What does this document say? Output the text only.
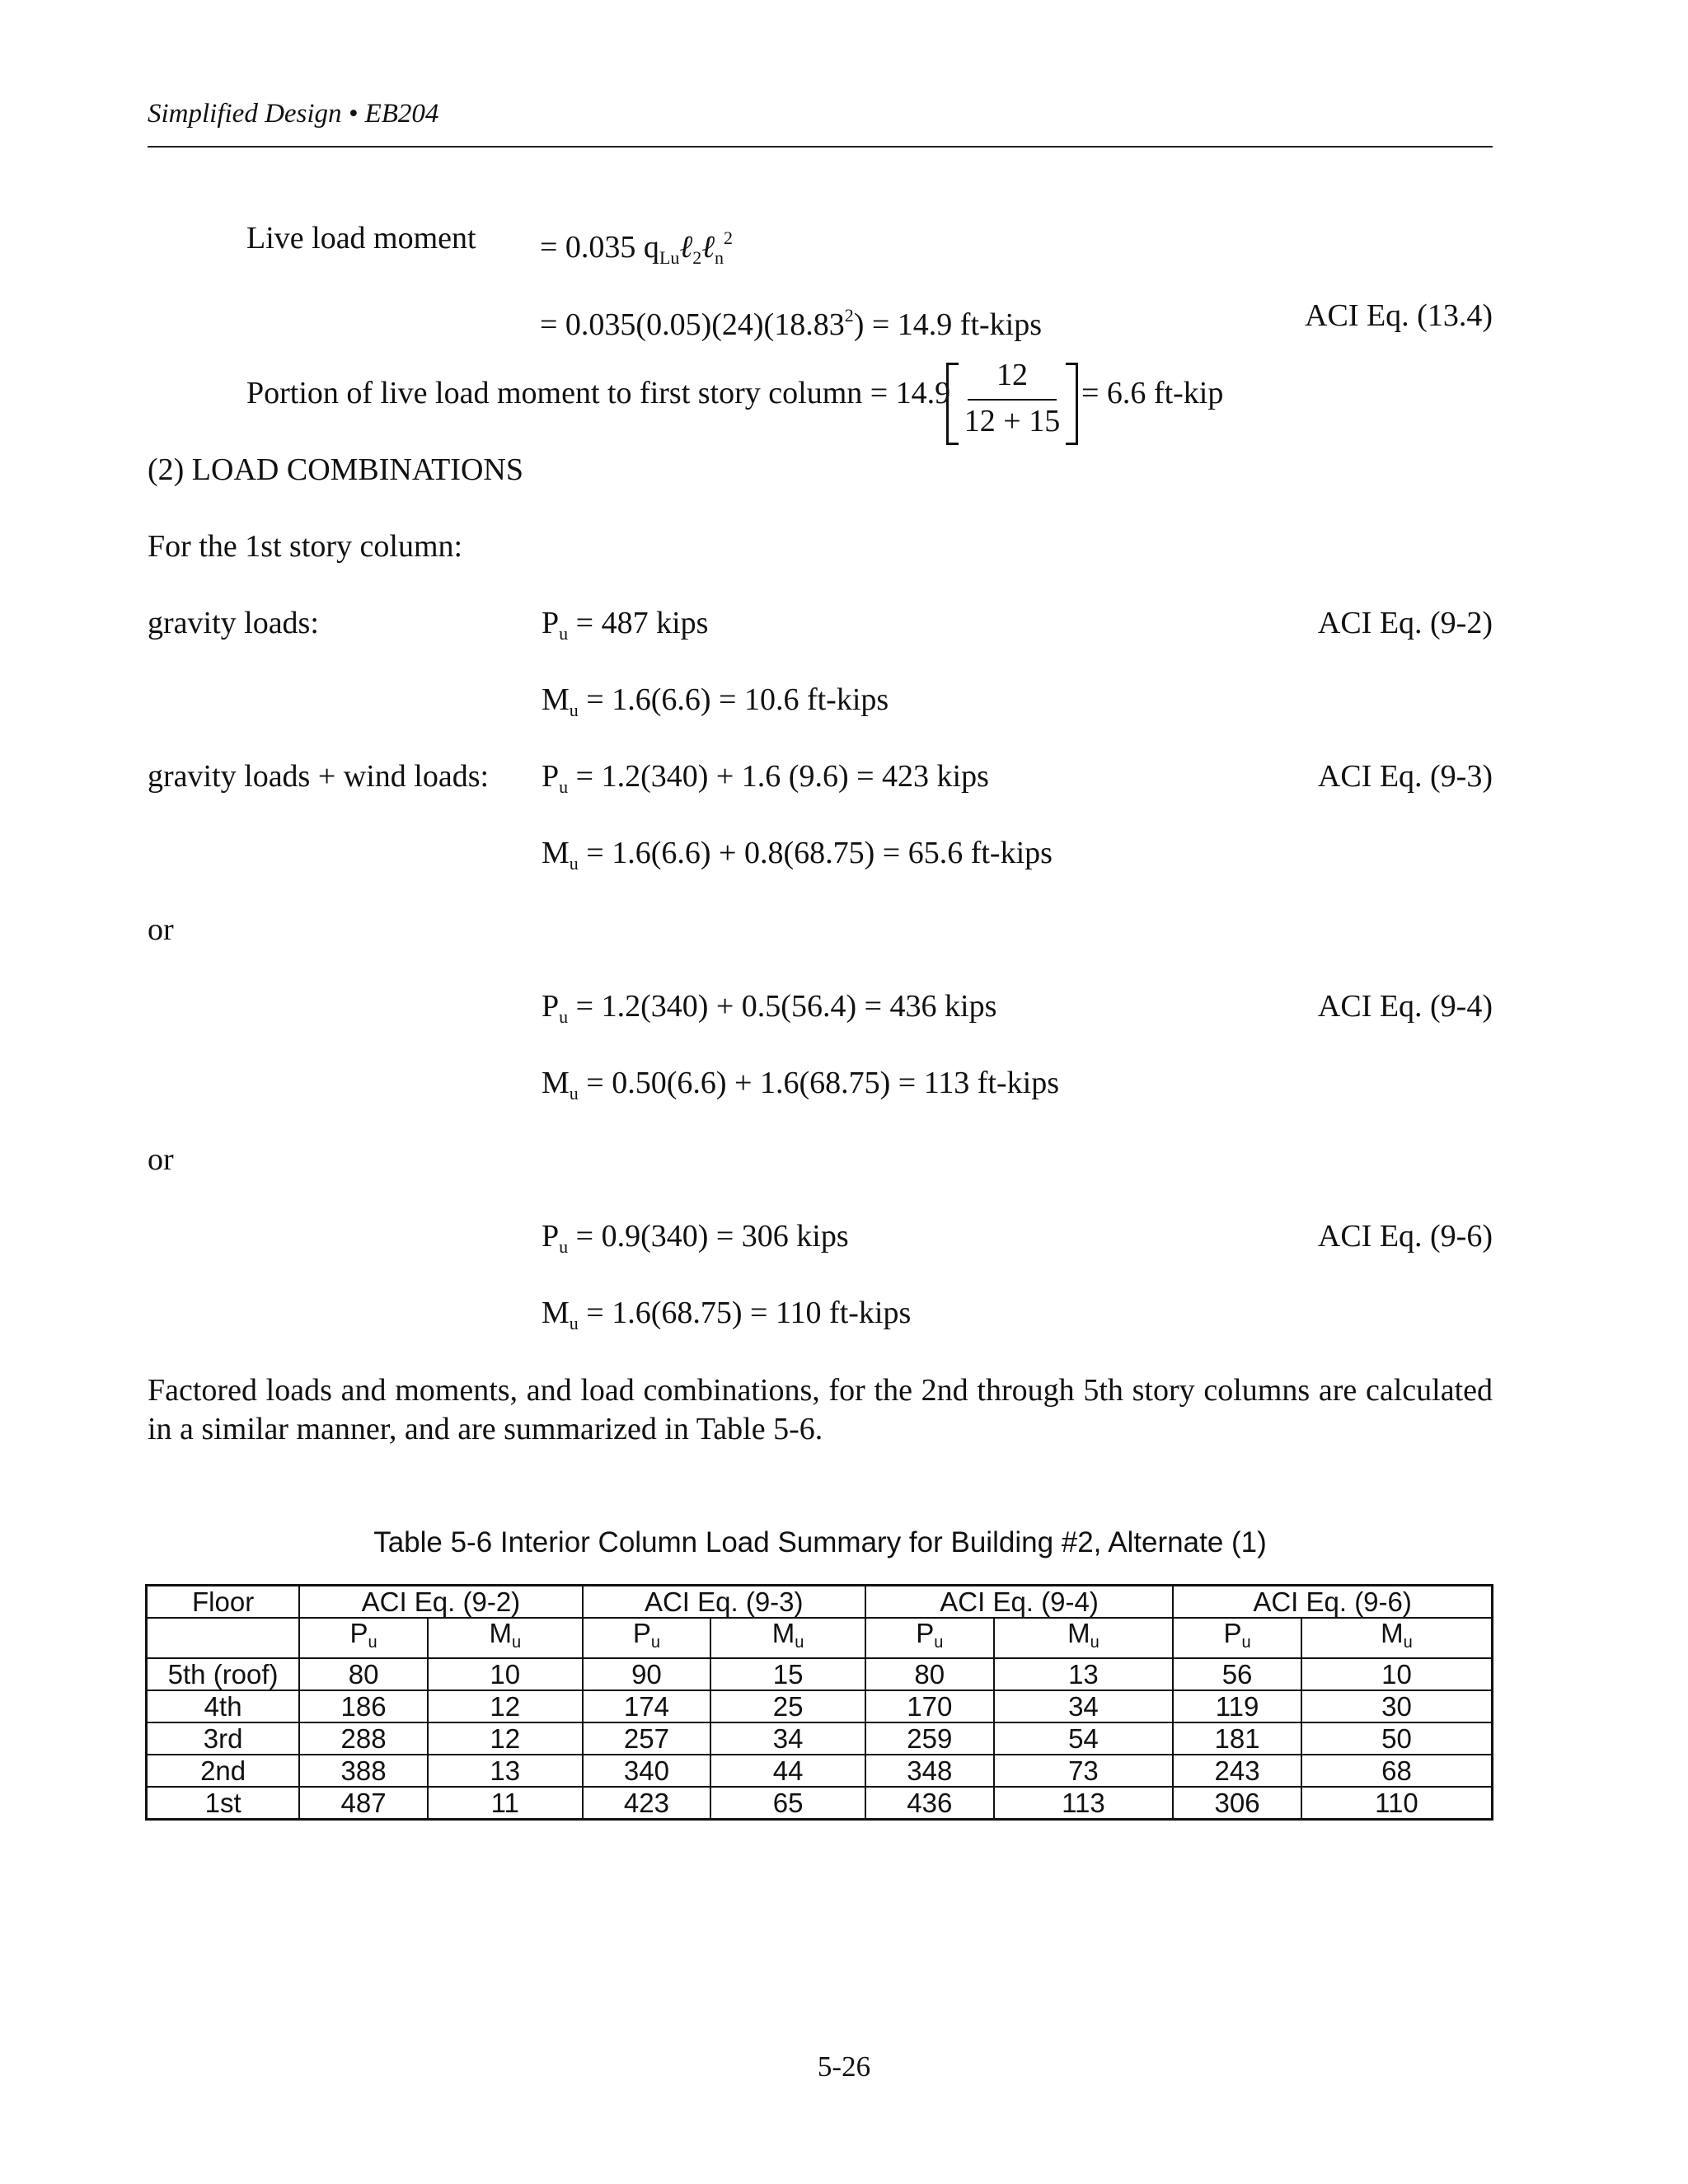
Simplified Design • EB204
Live load moment = 0.035 $q_{Lu}\ell_2\ell_n^2$
= $0.035(0.05)(24)(18.83^2) = 14.9$ ft-kips	ACI Eq. (13.4)
Portion of live load moment to first story column = 14.9
12
12 + 15
= 6.6 ft-kip
(2) LOAD COMBINATIONS
For the 1st story column:
gravity loads:	$P_u = 487$ kips	ACI Eq. (9-2)
$M_u = 1.6(6.6) = 10.6$ ft-kips
gravity loads + wind loads: $P_u = 1.2(340) + 1.6$ (9.6) = 423 kips	ACI Eq. (9-3)
$M_u = 1.6(6.6) + 0.8(68.75) = 65.6$ ft-kips
or
$P_u = 1.2(340) + 0.5(56.4) = 436$ kips	ACI Eq. (9-4)
$M_u = 0.50(6.6) + 1.6(68.75) = 113$ ft-kips
or
$P_u = 0.9(340) = 306$ kips	ACI Eq. (9-6)
$M_u = 1.6(68.75) = 110$ ft-kips
Factored loads and moments, and load combinations, for the 2nd through 5th story columns are calculated in a similar manner, and are summarized in Table 5-6.
Table 5-6 Interior Column Load Summary for Building #2, Alternate (1)
Floor	ACI Eq. (9-2)		ACI Eq. (9-3)		ACI Eq. (9-4)		ACI Eq. (9-6)	
	$P_u$	$M_u$	$P_u$	$M_u$	$P_u$	$M_u$	$P_u$	$M_u$
5th (roof)	80	10	90	15	80	13	56	10
4th	186	12	174	25	170	34	119	30
3rd	288	12	257	34	259	54	181	50
2nd	388	13	340	44	348	73	243	68
1st	487	11	423	65	436	113	306	110
5-26
